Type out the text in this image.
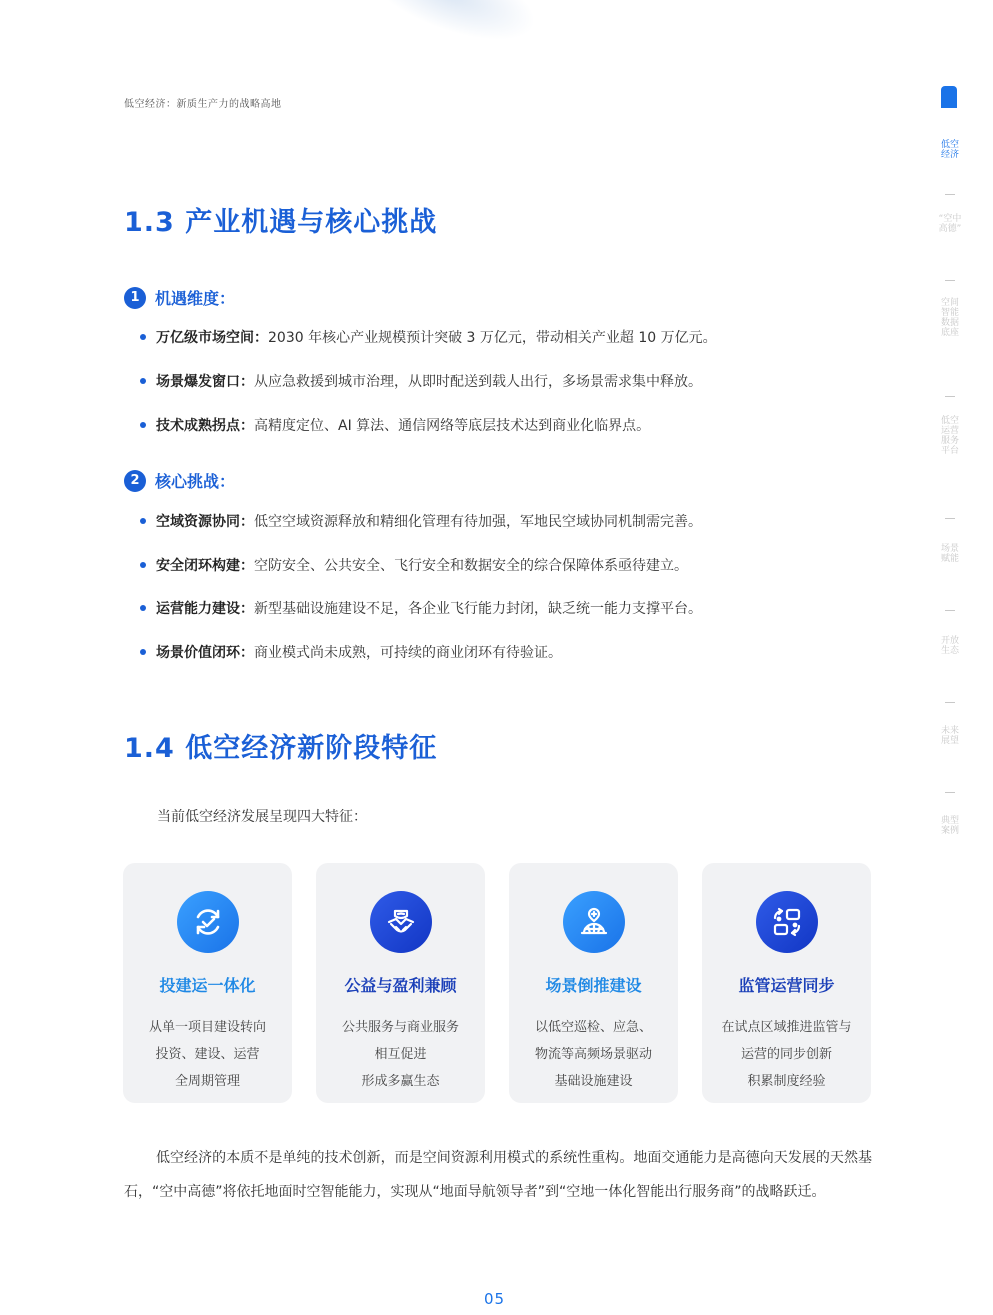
低空经济：新质生产力的战略高地
1.3 产业机遇与核心挑战
1 机遇维度：
万亿级市场空间： 2030 年核心产业规模预计突破 3 万亿元，带动相关产业超 10 万亿元。
场景爆发窗口： 从应急救援到城市治理，从即时配送到载人出行，多场景需求集中释放。
技术成熟拐点： 高精度定位、AI 算法、通信网络等底层技术达到商业化临界点。
2 核心挑战：
空域资源协同： 低空空域资源释放和精细化管理有待加强，军地民空域协同机制需完善。
安全闭环构建： 空防安全、公共安全、飞行安全和数据安全的综合保障体系亟待建立。
运营能力建设： 新型基础设施建设不足，各企业飞行能力封闭，缺乏统一能力支撑平台。
场景价值闭环： 商业模式尚未成熟，可持续的商业闭环有待验证。
1.4 低空经济新阶段特征
当前低空经济发展呈现四大特征：
投建运一体化
从单一项目建设转向
投资、建设、运营
全周期管理
公益与盈利兼顾
公共服务与商业服务
相互促进
形成多赢生态
场景倒推建设
以低空巡检、应急、
物流等高频场景驱动
基础设施建设
监管运营同步
在试点区域推进监管与
运营的同步创新
积累制度经验
低空经济的本质不是单纯的技术创新，而是空间资源利用模式的系统性重构。地面交通能力是高德向天发展的天然基石，“空中高德”将依托地面时空智能能力，实现从“地面导航领导者”到“空地一体化智能出行服务商”的战略跃迁。
05
低空经济
“空中高德”
空间智能数据底座
低空运营服务平台
场景赋能
开放生态
未来展望
典型案例
